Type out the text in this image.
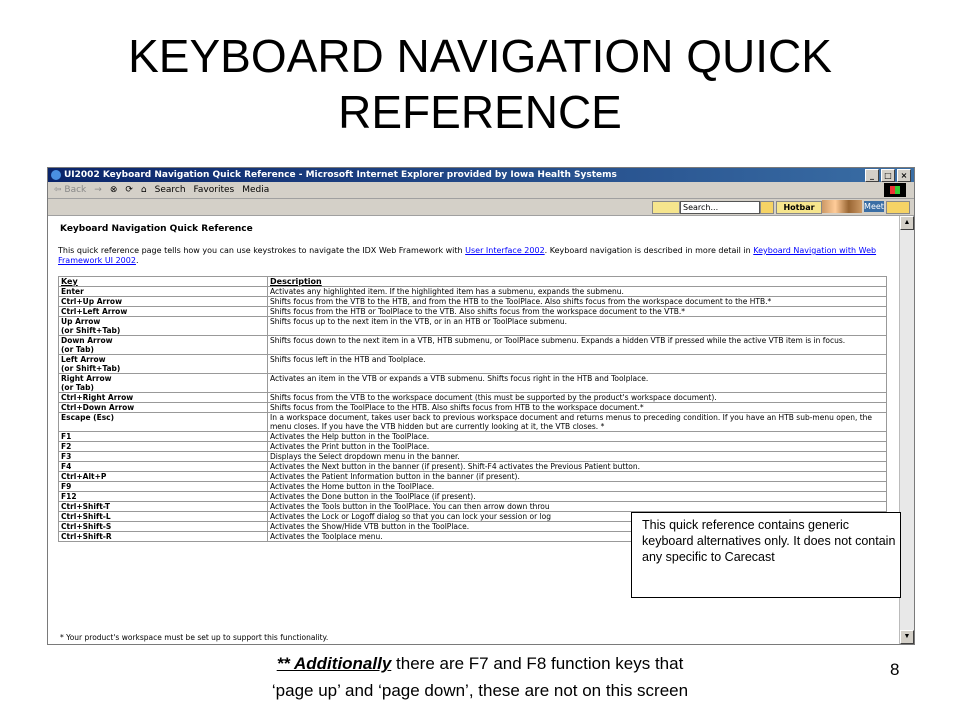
KEYBOARD NAVIGATION QUICK
REFERENCE
UI2002 Keyboard Navigation Quick Reference - Microsoft Internet Explorer provided by Iowa Health Systems	_	□	×
⇦ Back → ⊗ ⟳ ⌂ Search Favorites Media
Search...	Hotbar	Meet
Keyboard Navigation Quick Reference
This quick reference page tells how you can use keystrokes to navigate the IDX Web Framework with User Interface 2002. Keyboard navigation is described in more detail in Keyboard Navigation with Web Framework UI 2002.
Key	Description
Enter	Activates any highlighted item. If the highlighted item has a submenu, expands the submenu.
Ctrl+Up Arrow	Shifts focus from the VTB to the HTB, and from the HTB to the ToolPlace. Also shifts focus from the workspace document to the HTB.*
Ctrl+Left Arrow	Shifts focus from the HTB or ToolPlace to the VTB. Also shifts focus from the workspace document to the VTB.*
Up Arrow
(or Shift+Tab)	Shifts focus up to the next item in the VTB, or in an HTB or ToolPlace submenu.
Down Arrow
(or Tab)	Shifts focus down to the next item in a VTB, HTB submenu, or ToolPlace submenu. Expands a hidden VTB if pressed while the active VTB item is in focus.
Left Arrow
(or Shift+Tab)	Shifts focus left in the HTB and Toolplace.
Right Arrow
(or Tab)	Activates an item in the VTB or expands a VTB submenu. Shifts focus right in the HTB and Toolplace.
Ctrl+Right Arrow	Shifts focus from the VTB to the workspace document (this must be supported by the product's workspace document).
Ctrl+Down Arrow	Shifts focus from the ToolPlace to the HTB. Also shifts focus from HTB to the workspace document.*
Escape (Esc)	In a workspace document, takes user back to previous workspace document and returns menus to preceding condition. If you have an HTB sub-menu open, the menu closes. If you have the VTB hidden but are currently looking at it, the VTB closes. *
F1	Activates the Help button in the ToolPlace.
F2	Activates the Print button in the ToolPlace.
F3	Displays the Select dropdown menu in the banner.
F4	Activates the Next button in the banner (if present). Shift-F4 activates the Previous Patient button.
Ctrl+Alt+P	Activates the Patient Information button in the banner (if present).
F9	Activates the Home button in the ToolPlace.
F12	Activates the Done button in the ToolPlace (if present).
Ctrl+Shift-T	Activates the Tools button in the ToolPlace. You can then arrow down throu
Ctrl+Shift-L	Activates the Lock or Logoff dialog so that you can lock your session or log
Ctrl+Shift-S	Activates the Show/Hide VTB button in the ToolPlace.
Ctrl+Shift-R	Activates the Toolplace menu.
* Your product's workspace must be set up to support this functionality.
▲
▼
This quick reference contains generic keyboard alternatives only. It does not contain any specific to Carecast
** Additionally there are F7 and F8 function keys that
‘page up’ and ‘page down’, these are not on this screen
8
